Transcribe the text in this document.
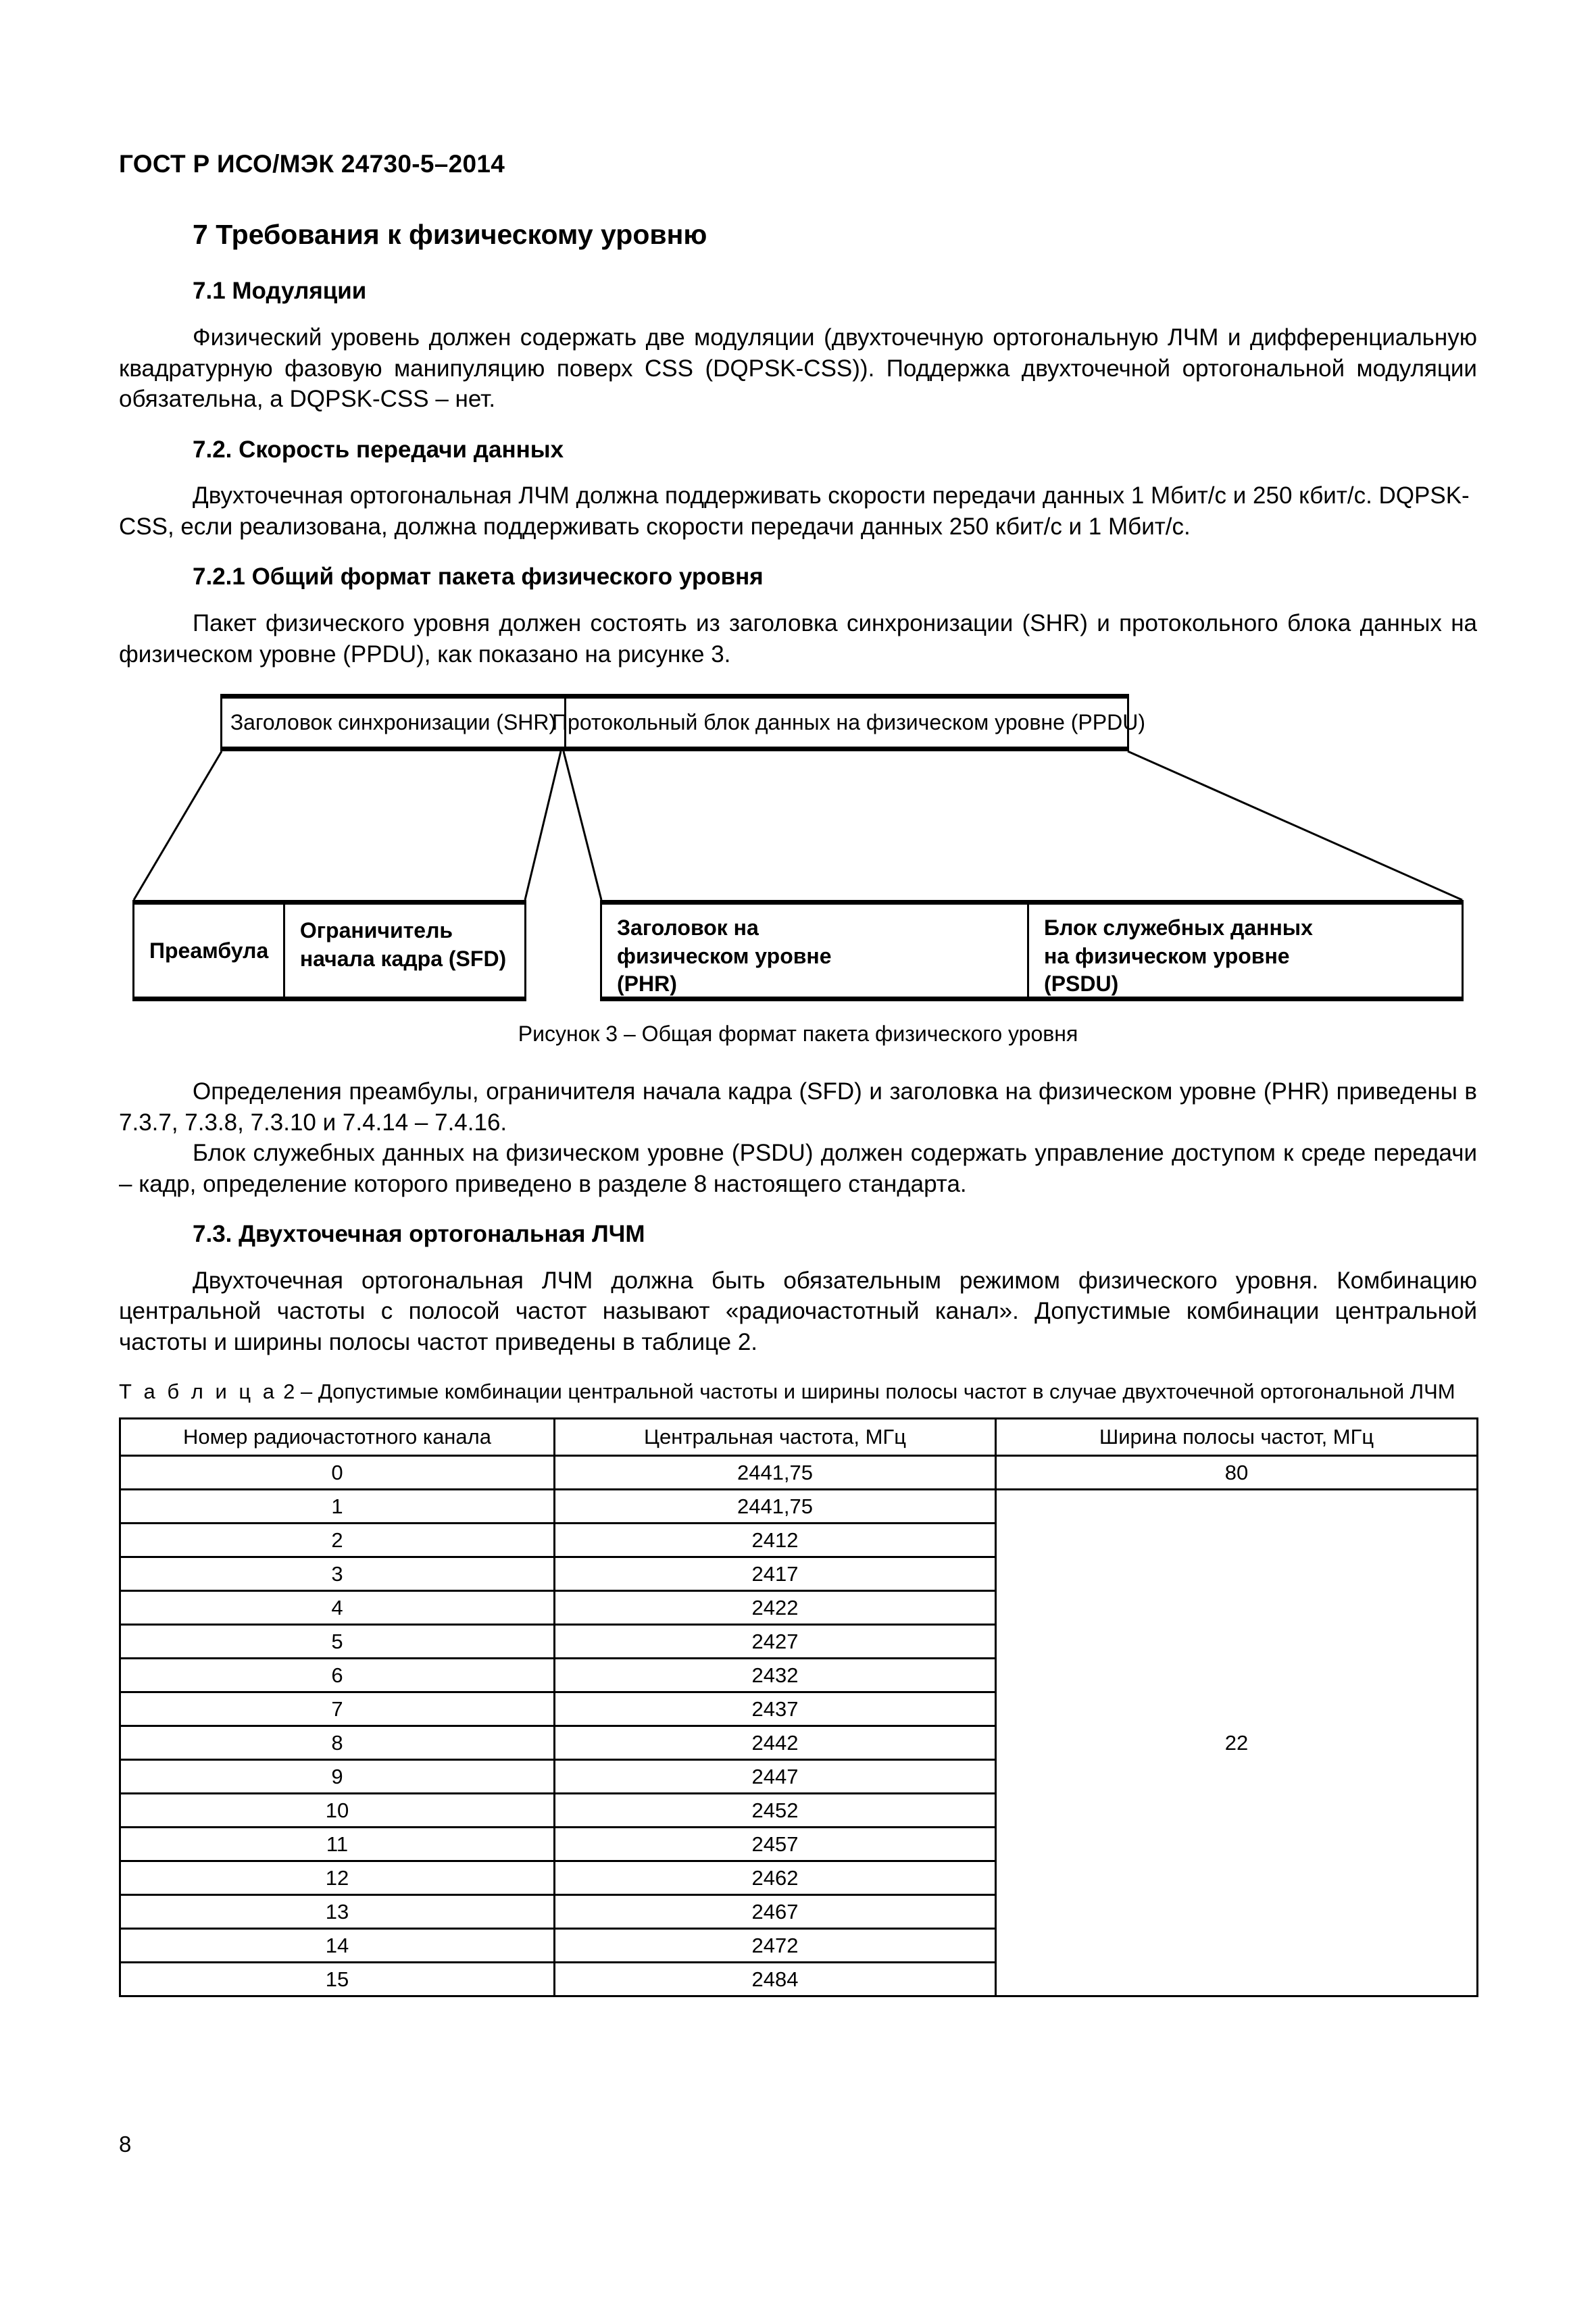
ГОСТ Р ИСО/МЭК 24730-5–2014
7 Требования к физическому уровню
7.1 Модуляции

Физический уровень должен содержать две модуляции (двухточечную ортогональную ЛЧМ и дифференциальную квадратурную фазовую манипуляцию поверх CSS (DQPSK-CSS)). Поддержка двухточечной ортогональной модуляции обязательна, а DQPSK-CSS – нет.

7.2. Скорость передачи данных

Двухточечная ортогональная ЛЧМ должна поддерживать скорости передачи данных 1 Мбит/с и 250 кбит/с. DQPSK-CSS, если реализована, должна поддерживать скорости передачи данных 250 кбит/с и 1 Мбит/с.

7.2.1 Общий формат пакета физического уровня

Пакет физического уровня должен состоять из заголовка синхронизации (SHR) и протокольного блока данных на физическом уровне (PPDU), как показано на рисунке 3.

Заголовок синхронизации (SHR)
Протокольный блок данных на физическом уровне (PPDU)
Преамбула
Ограничитель
начала кадра (SFD)
Заголовок на
физическом уровне
(PHR)
Блок служебных данных
на физическом уровне
(PSDU)

Рисунок 3 – Общая формат пакета физического уровня

Определения преамбулы, ограничителя начала кадра (SFD) и заголовка на физическом уровне (PHR) приведены в 7.3.7, 7.3.8, 7.3.10 и 7.4.14 – 7.4.16.

Блок служебных данных на физическом уровне (PSDU) должен содержать управление доступом к среде передачи – кадр, определение которого приведено в разделе 8 настоящего стандарта.

7.3. Двухточечная ортогональная ЛЧМ

Двухточечная ортогональная ЛЧМ должна быть обязательным режимом физического уровня. Комбинацию центральной частоты с полосой частот называют «радиочастотный канал». Допустимые комбинации центральной частоты и ширины полосы частот приведены в таблице 2.

Т а б л и ц а 2 – Допустимые комбинации центральной частоты и ширины полосы частот в случае двухточечной ортогональной ЛЧМ

Номер радиочастотного канала	Центральная частота, МГц	Ширина полосы частот, МГц
0	2441,75	80
1	2441,75	22
2	2412	
3	2417	
4	2422	
5	2427	
6	2432	
7	2437	
8	2442	
9	2447	
10	2452	
11	2457	
12	2462	
13	2467	
14	2472	
15	2484	
8
